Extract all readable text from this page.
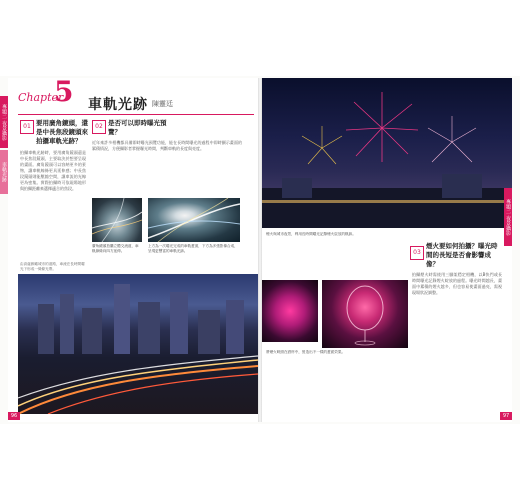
專題二 夜景攝影
車軌光跡
Chapter
5 車軌光跡 陳靈廷
01 要用廣角鏡頭，還是中長焦段鏡頭來拍攝車軌光跡？
拍攝車軌光跡時，要用廣角鏡頭還是中長焦段鏡頭，主要取決於想要呈現的畫面。廣角鏡頭可以容納更多的景物，讓車軌線條更具延伸感；中長焦段鏡頭則能壓縮空間，讓車流的光線更為密集。實際拍攝時可依現場地形與拍攝距離來選擇適合的焦段。
02 是否可以即時曝光預覽？
近年來許多相機都具備即時曝光預覽功能，能在長時間曝光的過程中即時顯示畫面的累積情況，方便攝影者掌握曝光時間，判斷車軌的長度與亮度。
廣角鏡頭拍攝立體交流道，車軌線條向四方延伸。
上方為一次曝光完成的車軌畫面，下方為多張影像合成，呈現更豐富的車軌光跡。
由高處俯瞰城市的道路，車流在長時間曝光下形成一條條光帶。
煙火與城市夜景，利用長時間曝光記錄煙火綻放的軌跡。
03
煙火要如何拍攝？曝光時間的長短是否會影響成像？
拍攝煙火時需使用三腳架穩定相機，以B快門或長時間曝光記錄煙火綻放的過程。曝光時間越長，畫面中累積的煙火越多，但也容易使畫面過亮，需視現場狀況調整。
將煙火映照在酒杯中，營造出不一樣的畫面效果。
專題二 夜景攝影
96	97
